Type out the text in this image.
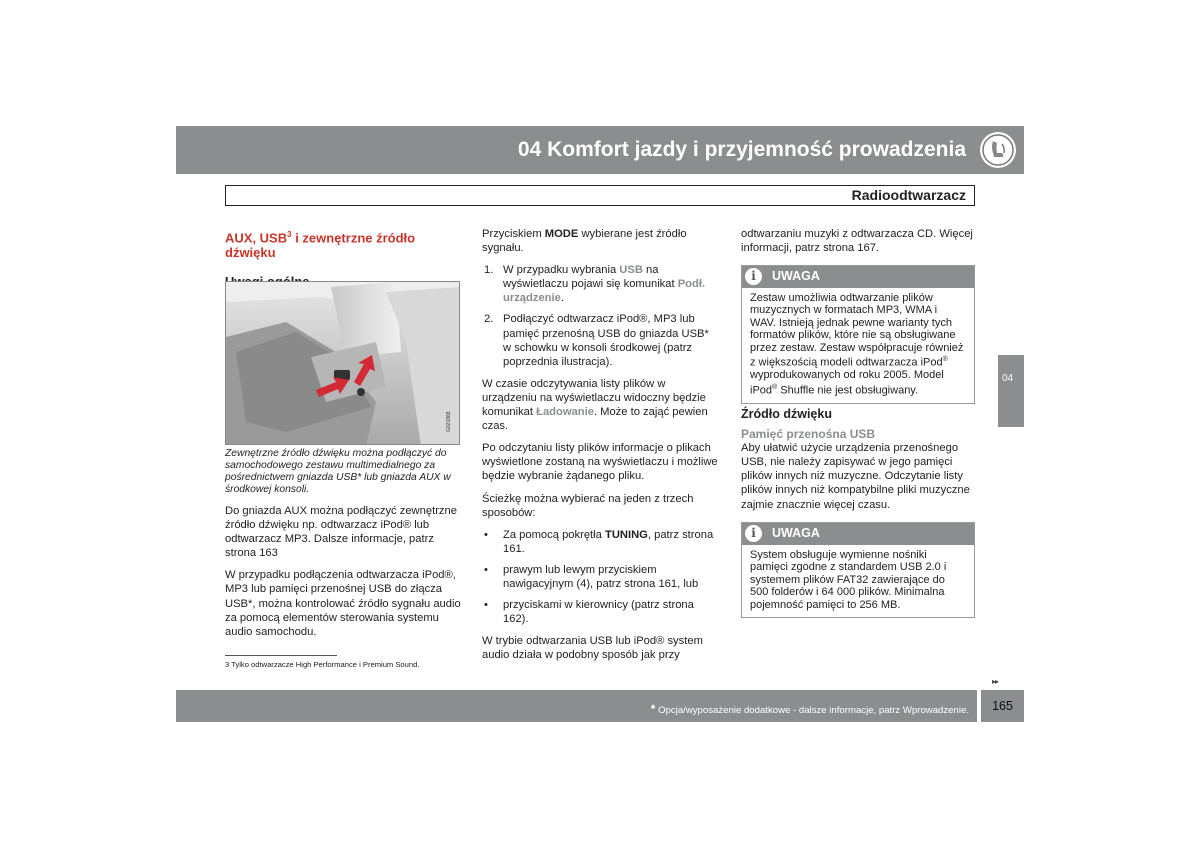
04 Komfort jazdy i przyjemność prowadzenia
Radioodtwarzacz
AUX, USB$^3$ i zewnętrzne źródło dźwięku
G021868

Zewnętrzne źródło dźwięku można podłączyć do samochodowego zestawu multimedialnego za pośrednictwem gniazda USB* lub gniazda AUX w środkowej konsoli.

Do gniazda AUX można podłączyć zewnętrzne źródło dźwięku np. odtwarzacz iPod® lub odtwarzacz MP3. Dalsze informacje, patrz strona 163

W przypadku podłączenia odtwarzacza iPod®, MP3 lub pamięci przenośnej USB do złącza USB*, można kontrolować źródło sygnału audio za pomocą elementów sterowania systemu audio samochodu.

Przyciskiem MODE wybierane jest źródło sygnału.

1. W przypadku wybrania USB na wyświetlaczu pojawi się komunikat Podł. urządzenie.
2. Podłączyć odtwarzacz iPod®, MP3 lub pamięć przenośną USB do gniazda USB* w schowku w konsoli środkowej (patrz poprzednia ilustracja).

W czasie odczytywania listy plików w urządzeniu na wyświetlaczu widoczny będzie komunikat Ładowanie. Może to zająć pewien czas.

Po odczytaniu listy plików informacje o plikach wyświetlone zostaną na wyświetlaczu i możliwe będzie wybranie żądanego pliku.

Ścieżkę można wybierać na jeden z trzech sposobów:

• Za pomocą pokrętła TUNING, patrz strona 161.
• prawym lub lewym przyciskiem nawigacyjnym (4), patrz strona 161, lub
• przyciskami w kierownicy (patrz strona 162).

W trybie odtwarzania USB lub iPod® system audio działa w podobny sposób jak przy

odtwarzaniu muzyki z odtwarzacza CD. Więcej informacji, patrz strona 167.

i	UWAGA
Zestaw umożliwia odtwarzanie plików muzycznych w formatach MP3, WMA i WAV. Istnieją jednak pewne warianty tych formatów plików, które nie są obsługiwane przez zestaw. Zestaw współpracuje również z większością modeli odtwarzacza iPod® wyprodukowanych od roku 2005. Model iPod® Shuffle nie jest obsługiwany.
Źródło dźwięku
Pamięć przenośna USB

Aby ułatwić użycie urządzenia przenośnego USB, nie należy zapisywać w jego pamięci plików innych niż muzyczne. Odczytanie listy plików innych niż kompatybilne pliki muzyczne zajmie znacznie więcej czasu.

i	UWAGA
System obsługuje wymienne nośniki pamięci zgodne z standardem USB 2.0 i systemem plików FAT32 zawierające do 500 folderów i 64 000 plików. Minimalna pojemność pamięci to 256 MB.
04
3 Tylko odtwarzacze High Performance i Premium Sound.
▸▸
* Opcja/wyposażenie dodatkowe - dalsze informacje, patrz Wprowadzenie.	165
